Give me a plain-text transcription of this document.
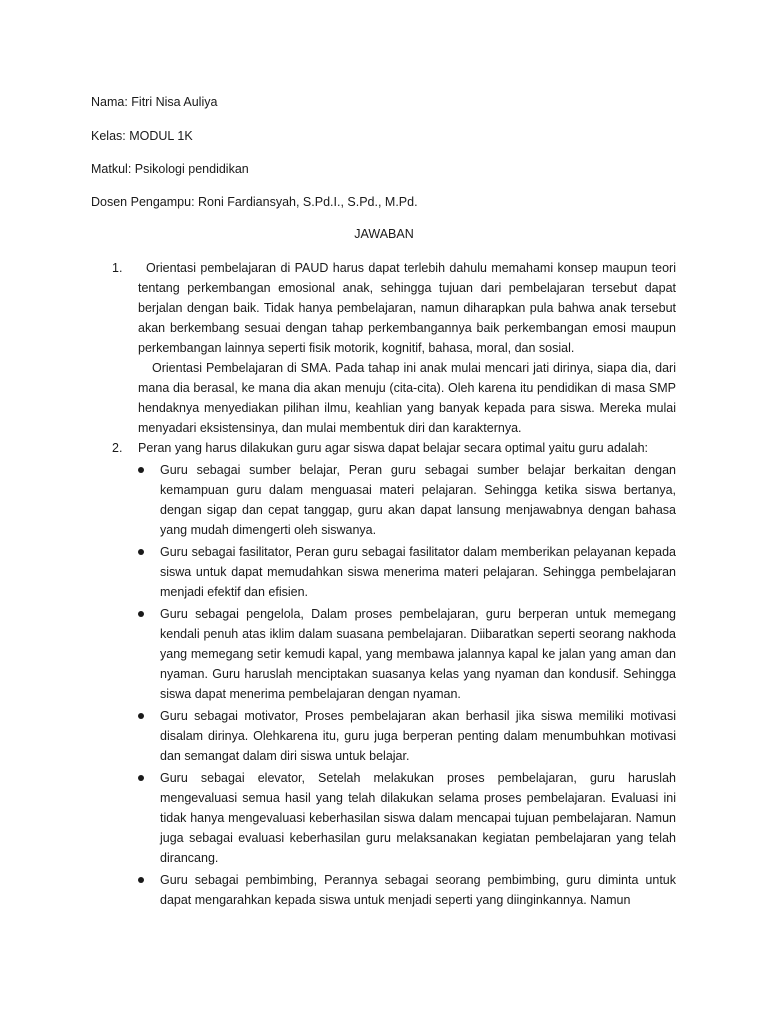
Nama: Fitri Nisa Auliya
Kelas: MODUL 1K
Matkul: Psikologi pendidikan
Dosen Pengampu: Roni Fardiansyah, S.Pd.I., S.Pd., M.Pd.
JAWABAN
1.	Orientasi pembelajaran di PAUD harus dapat terlebih dahulu memahami konsep maupun teori tentang perkembangan emosional anak, sehingga tujuan dari pembelajaran tersebut dapat berjalan dengan baik. Tidak hanya pembelajaran, namun diharapkan pula bahwa anak tersebut akan berkembang sesuai dengan tahap perkembangannya baik perkembangan emosi maupun perkembangan lainnya seperti fisik motorik, kognitif, bahasa, moral, dan sosial.
Orientasi Pembelajaran di SMA. Pada tahap ini anak mulai mencari jati dirinya, siapa dia, dari mana dia berasal, ke mana dia akan menuju (cita-cita). Oleh karena itu pendidikan di masa SMP hendaknya menyediakan pilihan ilmu, keahlian yang banyak kepada para siswa. Mereka mulai menyadari eksistensinya, dan mulai membentuk diri dan karakternya.
2. Peran yang harus dilakukan guru agar siswa dapat belajar secara optimal yaitu guru adalah:
Guru sebagai sumber belajar, Peran guru sebagai sumber belajar berkaitan dengan kemampuan guru dalam menguasai materi pelajaran. Sehingga ketika siswa bertanya, dengan sigap dan cepat tanggap, guru akan dapat lansung menjawabnya dengan bahasa yang mudah dimengerti oleh siswanya.
Guru sebagai fasilitator, Peran guru sebagai fasilitator dalam memberikan pelayanan kepada siswa untuk dapat memudahkan siswa menerima materi pelajaran. Sehingga pembelajaran menjadi efektif dan efisien.
Guru sebagai pengelola, Dalam proses pembelajaran, guru berperan untuk memegang kendali penuh atas iklim dalam suasana pembelajaran. Diibaratkan seperti seorang nakhoda yang memegang setir kemudi kapal, yang membawa jalannya kapal ke jalan yang aman dan nyaman. Guru haruslah menciptakan suasanya kelas yang nyaman dan kondusif. Sehingga siswa dapat menerima pembelajaran dengan nyaman.
Guru sebagai motivator, Proses pembelajaran akan berhasil jika siswa memiliki motivasi disalam dirinya. Olehkarena itu, guru juga berperan penting dalam menumbuhkan motivasi dan semangat dalam diri siswa untuk belajar.
Guru sebagai elevator, Setelah melakukan proses pembelajaran, guru haruslah mengevaluasi semua hasil yang telah dilakukan selama proses pembelajaran. Evaluasi ini tidak hanya mengevaluasi keberhasilan siswa dalam mencapai tujuan pembelajaran. Namun juga sebagai evaluasi keberhasilan guru melaksanakan kegiatan pembelajaran yang telah dirancang.
Guru sebagai pembimbing, Perannya sebagai seorang pembimbing, guru diminta untuk dapat mengarahkan kepada siswa untuk menjadi seperti yang diinginkannya. Namun
